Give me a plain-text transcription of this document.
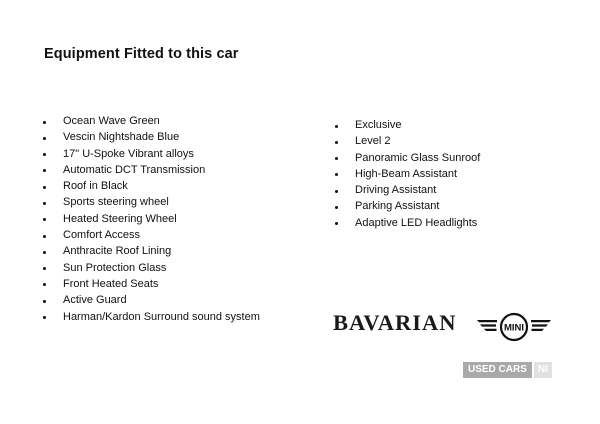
Equipment Fitted to this car
Ocean Wave Green
Vescin Nightshade Blue
17" U-Spoke Vibrant alloys
Automatic DCT Transmission
Roof in Black
Sports steering wheel
Heated Steering Wheel
Comfort Access
Anthracite Roof Lining
Sun Protection Glass
Front Heated Seats
Active Guard
Harman/Kardon Surround sound system
Exclusive
Level 2
Panoramic Glass Sunroof
High-Beam Assistant
Driving Assistant
Parking Assistant
Adaptive LED Headlights
BAVARIAN	MINI
USED CARS	NI
